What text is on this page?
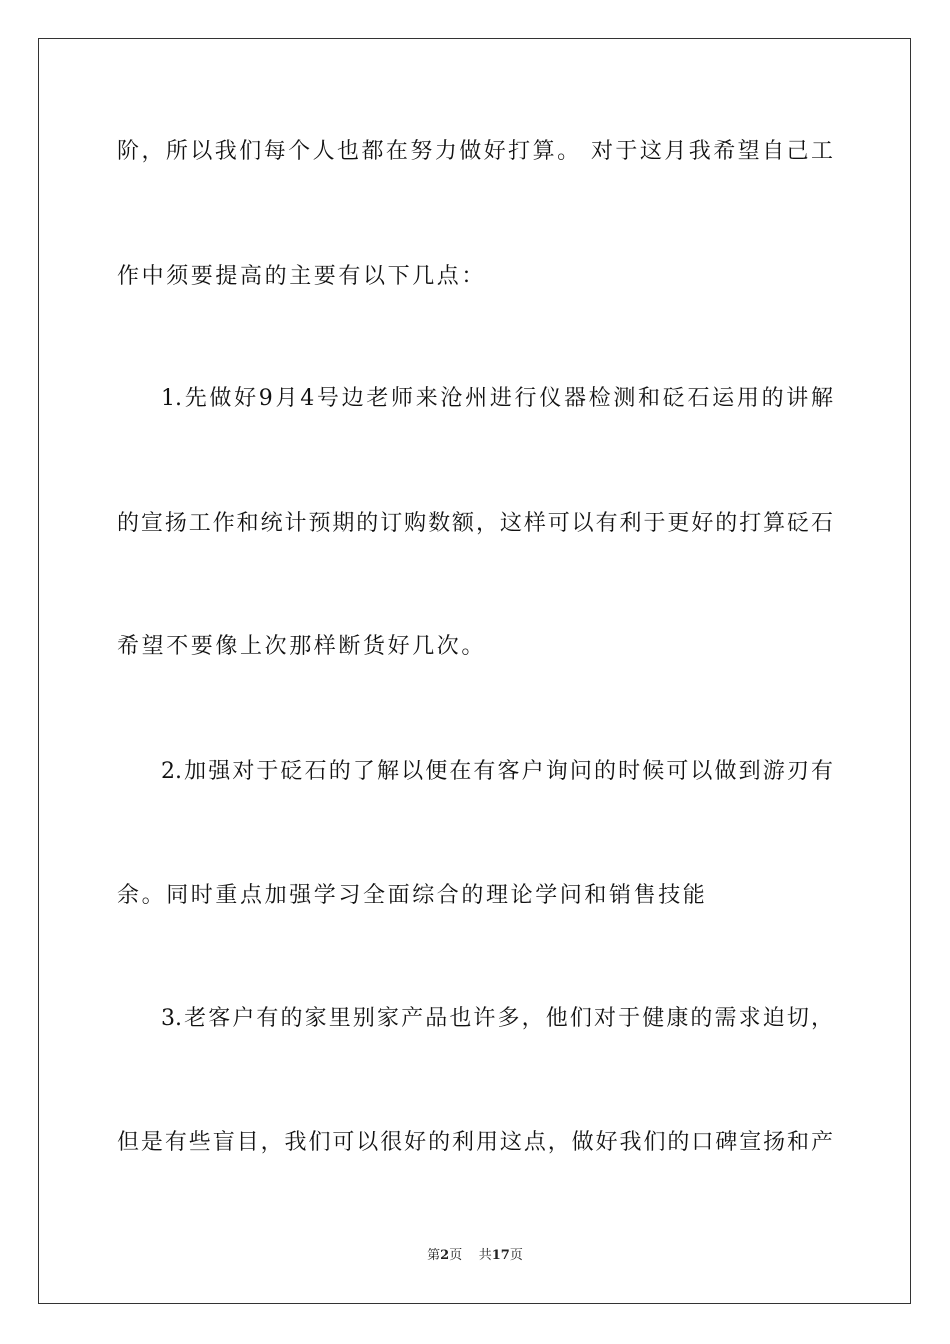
阶，所以我们每个人也都在努力做好打算。 对于这月我希望自己工
作中须要提高的主要有以下几点：
1.先做好9月4号边老师来沧州进行仪器检测和砭石运用的讲解
的宣扬工作和统计预期的订购数额，这样可以有利于更好的打算砭石
希望不要像上次那样断货好几次。
2.加强对于砭石的了解以便在有客户询问的时候可以做到游刃有
余。同时重点加强学习全面综合的理论学问和销售技能
3.老客户有的家里别家产品也许多，他们对于健康的需求迫切，
但是有些盲目，我们可以很好的利用这点，做好我们的口碑宣扬和产
第2页 共17页
